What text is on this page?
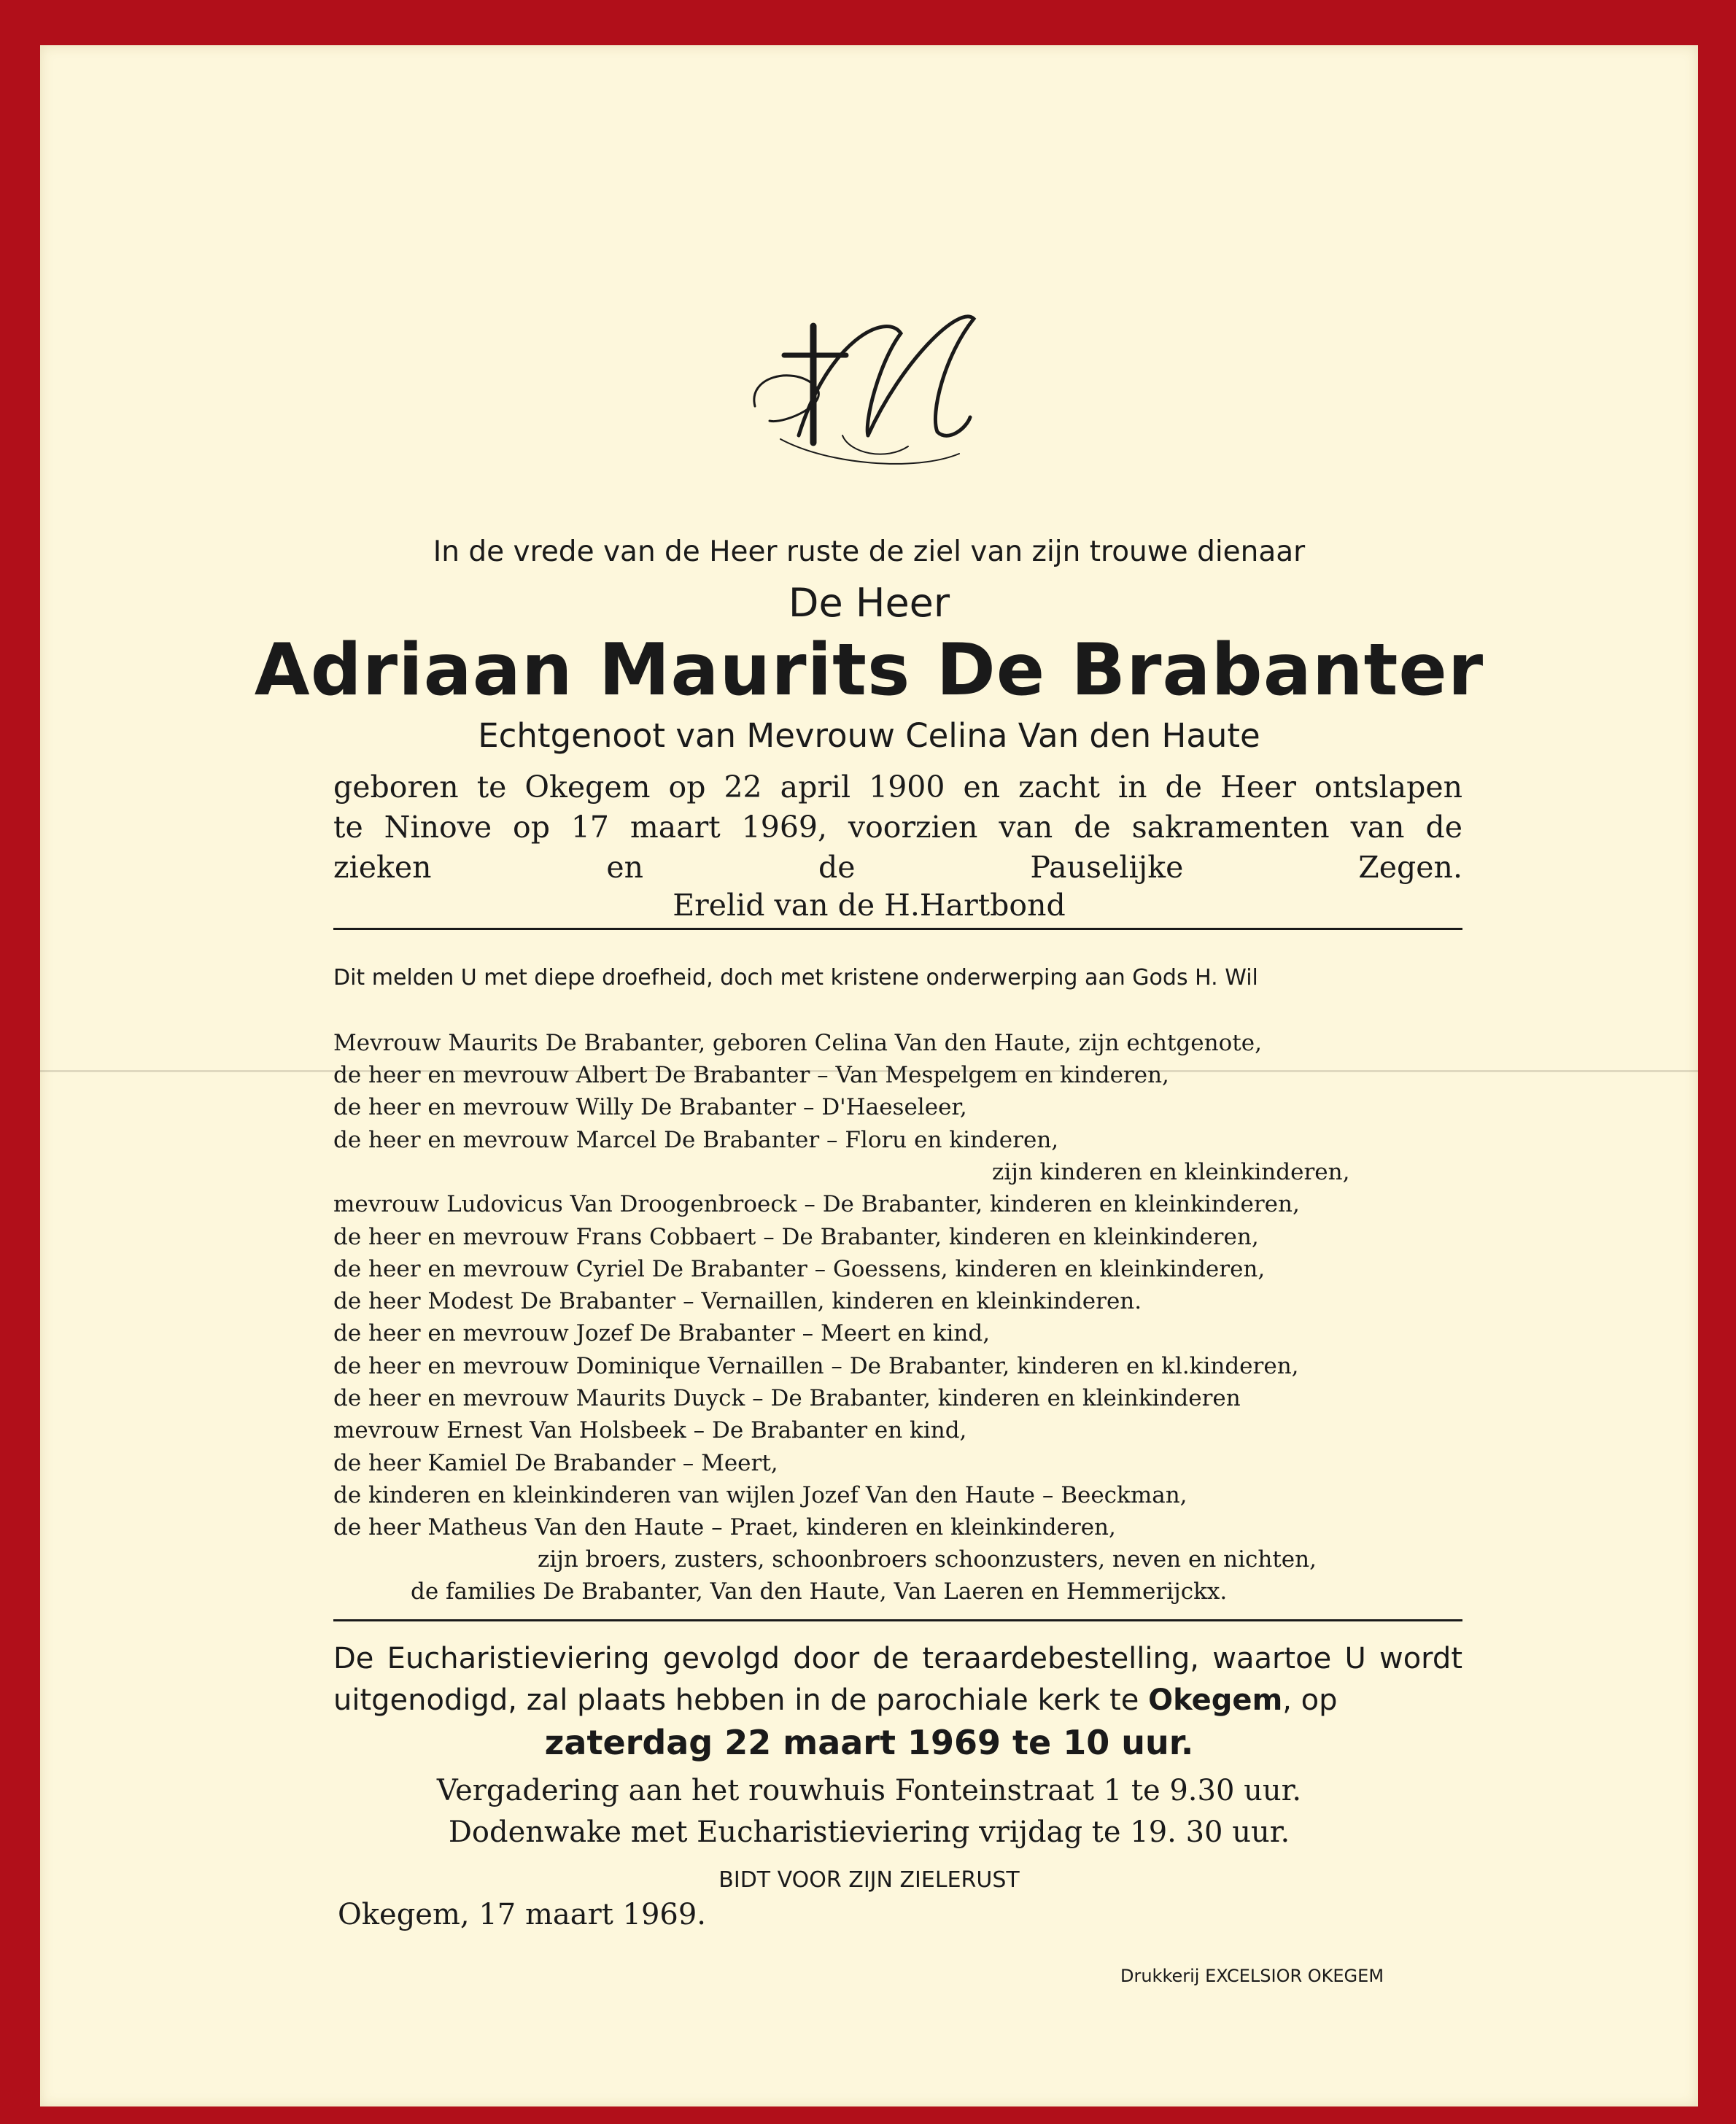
In de vrede van de Heer ruste de ziel van zijn trouwe dienaar

De Heer

Adriaan Maurits De Brabanter

Echtgenoot van Mevrouw Celina Van den Haute

geboren te Okegem op 22 april 1900 en zacht in de Heer ontslapen

te Ninove op 17 maart 1969, voorzien van de sakramenten van de

zieken en de Pauselijke Zegen.

Erelid van de H.Hartbond

Dit melden U met diepe droefheid, doch met kristene onderwerping aan Gods H. Wil

Mevrouw Maurits De Brabanter, geboren Celina Van den Haute, zijn echtgenote,

de heer en mevrouw Albert De Brabanter – Van Mespelgem en kinderen,

de heer en mevrouw Willy De Brabanter – D'Haeseleer,

de heer en mevrouw Marcel De Brabanter – Floru en kinderen,

zijn kinderen en kleinkinderen,

mevrouw Ludovicus Van Droogenbroeck – De Brabanter, kinderen en kleinkinderen,

de heer en mevrouw Frans Cobbaert – De Brabanter, kinderen en kleinkinderen,

de heer en mevrouw Cyriel De Brabanter – Goessens, kinderen en kleinkinderen,

de heer Modest De Brabanter – Vernaillen, kinderen en kleinkinderen.

de heer en mevrouw Jozef De Brabanter – Meert en kind,

de heer en mevrouw Dominique Vernaillen – De Brabanter, kinderen en kl.kinderen,

de heer en mevrouw Maurits Duyck – De Brabanter, kinderen en kleinkinderen

mevrouw Ernest Van Holsbeek – De Brabanter en kind,

de heer Kamiel De Brabander – Meert,

de kinderen en kleinkinderen van wijlen Jozef Van den Haute – Beeckman,

de heer Matheus Van den Haute – Praet, kinderen en kleinkinderen,

zijn broers, zusters, schoonbroers schoonzusters, neven en nichten,

de families De Brabanter, Van den Haute, Van Laeren en Hemmerijckx.

De Eucharistieviering gevolgd door de teraardebestelling, waartoe U wordt

uitgenodigd, zal plaats hebben in de parochiale kerk te Okegem, op

zaterdag 22 maart 1969 te 10 uur.

Vergadering aan het rouwhuis Fonteinstraat 1 te 9.30 uur.

Dodenwake met Eucharistieviering vrijdag te 19. 30 uur.

BIDT VOOR ZIJN ZIELERUST

Okegem, 17 maart 1969.

Drukkerij EXCELSIOR OKEGEM
